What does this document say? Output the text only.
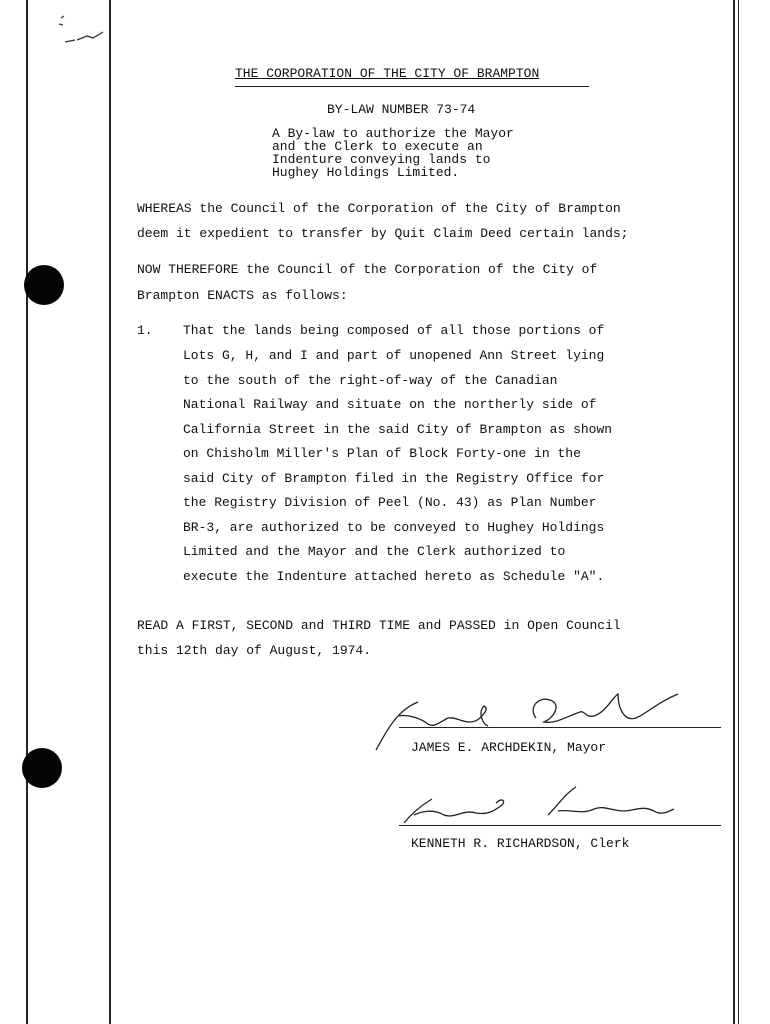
THE CORPORATION OF THE CITY OF BRAMPTON
BY-LAW NUMBER 73-74
A By-law to authorize the Mayor
and the Clerk to execute an
Indenture conveying lands to
Hughey Holdings Limited.
WHEREAS the Council of the Corporation of the City of Brampton
deem it expedient to transfer by Quit Claim Deed certain lands;
NOW THEREFORE the Council of the Corporation of the City of
Brampton ENACTS as follows:
1. That the lands being composed of all those portions of
Lots G, H, and I and part of unopened Ann Street lying
to the south of the right-of-way of the Canadian
National Railway and situate on the northerly side of
California Street in the said City of Brampton as shown
on Chisholm Miller's Plan of Block Forty-one in the
said City of Brampton filed in the Registry Office for
the Registry Division of Peel (No. 43) as Plan Number
BR-3, are authorized to be conveyed to Hughey Holdings
Limited and the Mayor and the Clerk authorized to
execute the Indenture attached hereto as Schedule "A".
READ A FIRST, SECOND and THIRD TIME and PASSED in Open Council
this 12th day of August, 1974.
JAMES E. ARCHDEKIN, Mayor
KENNETH R. RICHARDSON, Clerk
